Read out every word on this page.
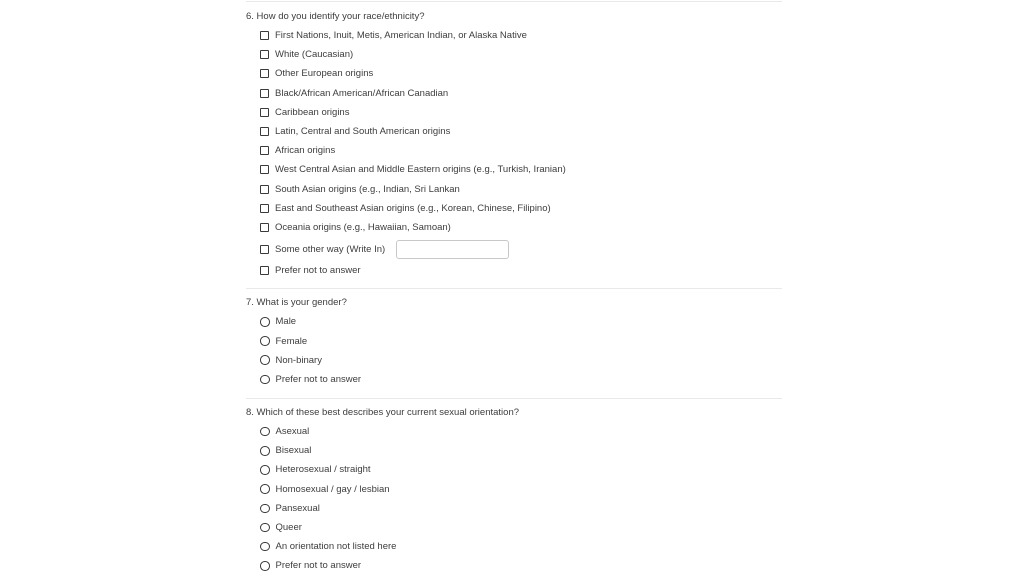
6. How do you identify your race/ethnicity?
First Nations, Inuit, Metis, American Indian, or Alaska Native
White (Caucasian)
Other European origins
Black/African American/African Canadian
Caribbean origins
Latin, Central and South American origins
African origins
West Central Asian and Middle Eastern origins (e.g., Turkish, Iranian)
South Asian origins (e.g., Indian, Sri Lankan
East and Southeast Asian origins (e.g., Korean, Chinese, Filipino)
Oceania origins (e.g., Hawaiian, Samoan)
Some other way (Write In)
Prefer not to answer
7. What is your gender?
Male
Female
Non-binary
Prefer not to answer
8. Which of these best describes your current sexual orientation?
Asexual
Bisexual
Heterosexual / straight
Homosexual / gay / lesbian
Pansexual
Queer
An orientation not listed here
Prefer not to answer
